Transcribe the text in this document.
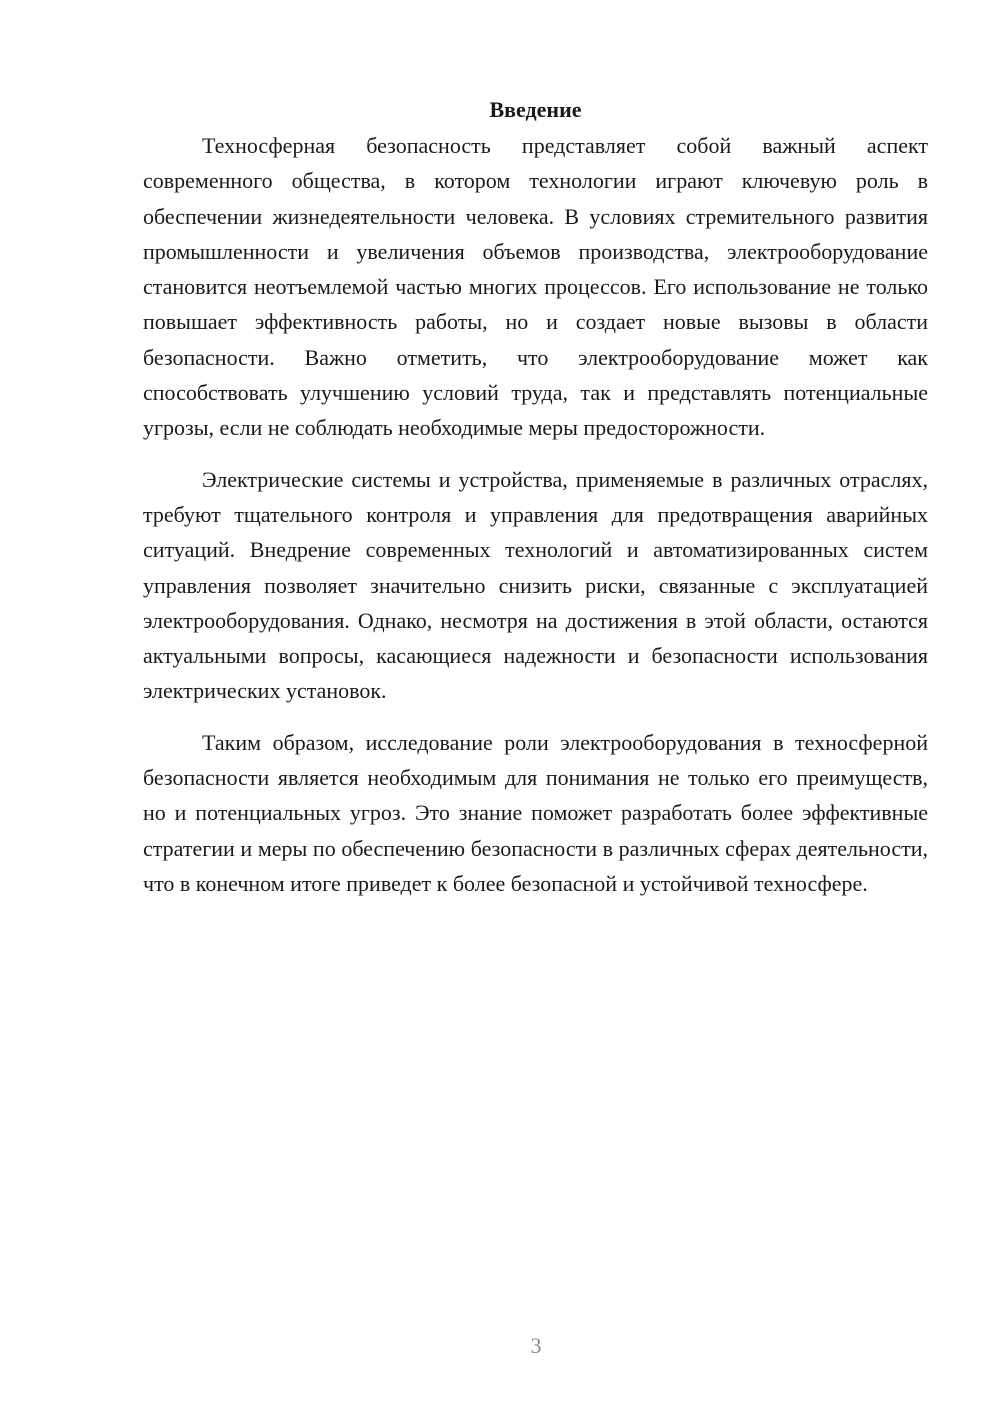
Введение

Техносферная безопасность представляет собой важный аспект современного общества, в котором технологии играют ключевую роль в обеспечении жизнедеятельности человека. В условиях стремительного развития промышленности и увеличения объемов производства, электрооборудование становится неотъемлемой частью многих процессов. Его использование не только повышает эффективность работы, но и создает новые вызовы в области безопасности. Важно отметить, что электрооборудование может как способствовать улучшению условий труда, так и представлять потенциальные угрозы, если не соблюдать необходимые меры предосторожности.

Электрические системы и устройства, применяемые в различных отраслях, требуют тщательного контроля и управления для предотвращения аварийных ситуаций. Внедрение современных технологий и автоматизированных систем управления позволяет значительно снизить риски, связанные с эксплуатацией электрооборудования. Однако, несмотря на достижения в этой области, остаются актуальными вопросы, касающиеся надежности и безопасности использования электрических установок.

Таким образом, исследование роли электрооборудования в техносферной безопасности является необходимым для понимания не только его преимуществ, но и потенциальных угроз. Это знание поможет разработать более эффективные стратегии и меры по обеспечению безопасности в различных сферах деятельности, что в конечном итоге приведет к более безопасной и устойчивой техносфере.

3
